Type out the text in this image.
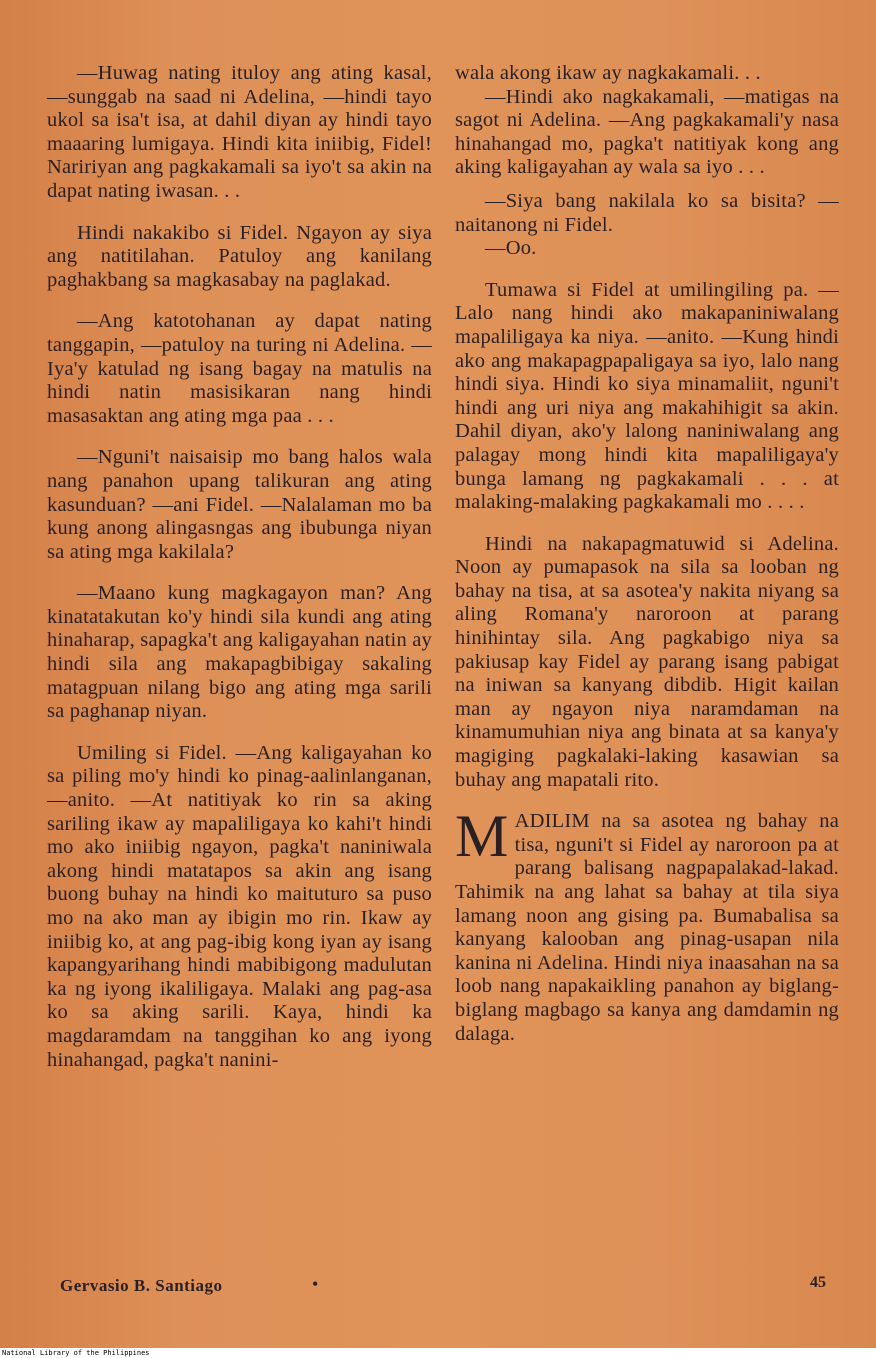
—Huwag nating ituloy ang ating kasal, —sunggab na saad ni Adelina, —hindi tayo ukol sa isa't isa, at dahil diyan ay hindi tayo maaaring lumigaya. Hindi kita iniibig, Fidel! Naririyan ang pagkakamali sa iyo't sa akin na dapat nating iwasan. . .

Hindi nakakibo si Fidel. Ngayon ay siya ang natitilahan. Patuloy ang kanilang paghakbang sa magkasabay na paglakad.

—Ang katotohanan ay dapat nating tanggapin, —patuloy na turing ni Adelina. —Iya'y katulad ng isang bagay na matulis na hindi natin masisikaran nang hindi masasaktan ang ating mga paa . . .

—Nguni't naisaisip mo bang halos wala nang panahon upang talikuran ang ating kasunduan? —ani Fidel. —Nalalaman mo ba kung anong alingasngas ang ibubunga niyan sa ating mga kakilala?

—Maano kung magkagayon man? Ang kinatatakutan ko'y hindi sila kundi ang ating hinaharap, sapagka't ang kaligayahan natin ay hindi sila ang makapagbibigay sakaling matagpuan nilang bigo ang ating mga sarili sa paghanap niyan.

Umiling si Fidel. —Ang kaligayahan ko sa piling mo'y hindi ko pinag-aalinlanganan, —anito. —At natitiyak ko rin sa aking sariling ikaw ay mapaliligaya ko kahi't hindi mo ako iniibig ngayon, pagka't naniniwala akong hindi matatapos sa akin ang isang buong buhay na hindi ko maituturo sa puso mo na ako man ay ibigin mo rin. Ikaw ay iniibig ko, at ang pag-ibig kong iyan ay isang kapangyarihang hindi mabibigong madulutan ka ng iyong ikaliligaya. Malaki ang pag-asa ko sa aking sarili. Kaya, hindi ka magdaramdam na tanggihan ko ang iyong hinahangad, pagka't nanini-

wala akong ikaw ay nagkakamali. . .

—Hindi ako nagkakamali, —matigas na sagot ni Adelina. —Ang pagkakamali'y nasa hinahangad mo, pagka't natitiyak kong ang aking kaligayahan ay wala sa iyo . . .

—Siya bang nakilala ko sa bisita? —naitanong ni Fidel.

—Oo.

Tumawa si Fidel at umilingiling pa. —Lalo nang hindi ako makapaniniwalang mapaliligaya ka niya. —anito. —Kung hindi ako ang makapagpapaligaya sa iyo, lalo nang hindi siya. Hindi ko siya minamaliit, nguni't hindi ang uri niya ang makahihigit sa akin. Dahil diyan, ako'y lalong naniniwalang ang palagay mong hindi kita mapaliligaya'y bunga lamang ng pagkakamali . . . at malaking-malaking pagkakamali mo . . . .

Hindi na nakapagmatuwid si Adelina. Noon ay pumapasok na sila sa looban ng bahay na tisa, at sa asotea'y nakita niyang sa aling Romana'y naroroon at parang hinihintay sila. Ang pagkabigo niya sa pakiusap kay Fidel ay parang isang pabigat na iniwan sa kanyang dibdib. Higit kailan man ay ngayon niya naramdaman na kinamumuhian niya ang binata at sa kanya'y magiging pagkalaki-laking kasawian sa buhay ang mapatali rito.

M ADILIM na sa asotea ng bahay na tisa, nguni't si Fidel ay naroroon pa at parang balisang nagpapalakad-lakad. Tahimik na ang lahat sa bahay at tila siya lamang noon ang gising pa. Bumabalisa sa kanyang kalooban ang pinag-usapan nila kanina ni Adelina. Hindi niya inaasahan na sa loob nang napakaikling panahon ay biglang-biglang magbago sa kanya ang damdamin ng dalaga.

Gervasio B. Santiago	•	45
National Library of the Philippines
